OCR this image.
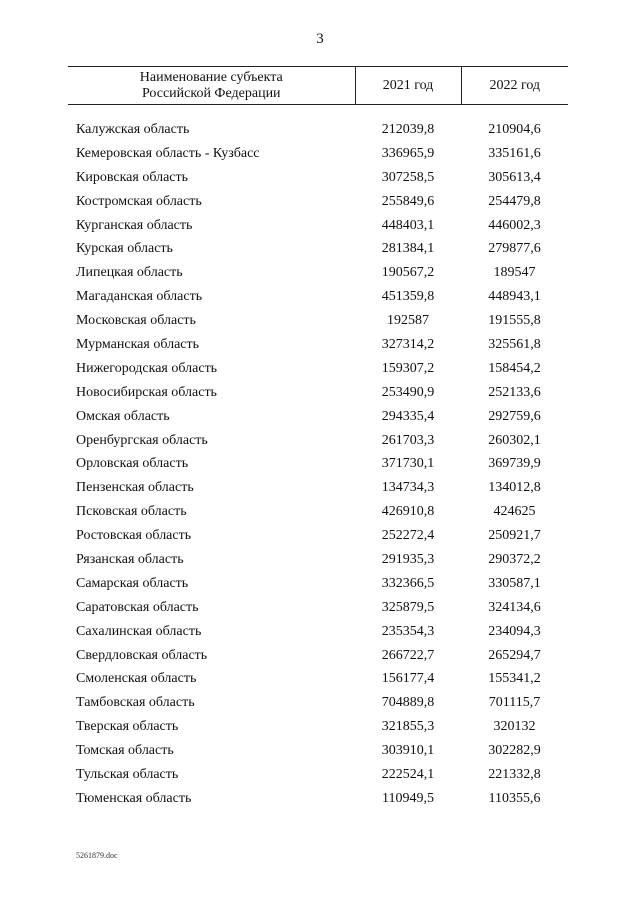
3
Наименование субъекта
Российской Федерации	2021 год	2022 год

Калужская область	212039,8	210904,6
Кемеровская область - Кузбасс	336965,9	335161,6
Кировская область	307258,5	305613,4
Костромская область	255849,6	254479,8
Курганская область	448403,1	446002,3
Курская область	281384,1	279877,6
Липецкая область	190567,2	189547
Магаданская область	451359,8	448943,1
Московская область	192587	191555,8
Мурманская область	327314,2	325561,8
Нижегородская область	159307,2	158454,2
Новосибирская область	253490,9	252133,6
Омская область	294335,4	292759,6
Оренбургская область	261703,3	260302,1
Орловская область	371730,1	369739,9
Пензенская область	134734,3	134012,8
Псковская область	426910,8	424625
Ростовская область	252272,4	250921,7
Рязанская область	291935,3	290372,2
Самарская область	332366,5	330587,1
Саратовская область	325879,5	324134,6
Сахалинская область	235354,3	234094,3
Свердловская область	266722,7	265294,7
Смоленская область	156177,4	155341,2
Тамбовская область	704889,8	701115,7
Тверская область	321855,3	320132
Томская область	303910,1	302282,9
Тульская область	222524,1	221332,8
Тюменская область	110949,5	110355,6
5261879.doc
